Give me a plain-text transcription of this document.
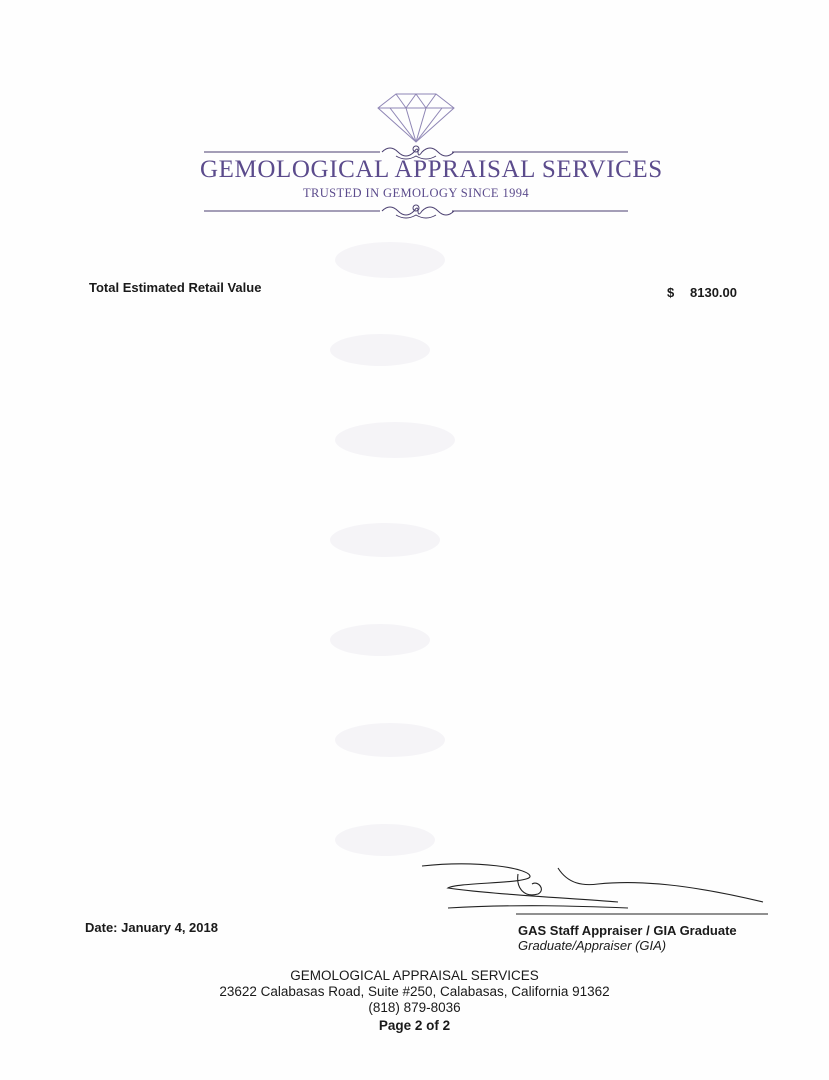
GEMOLOGICAL APPRAISAL SERVICES
TRUSTED IN GEMOLOGY SINCE 1994
Total Estimated Retail Value	$ 8130.00
Date: January 4, 2018	GAS Staff Appraiser / GIA Graduate
Graduate/Appraiser (GIA)
GEMOLOGICAL APPRAISAL SERVICES
23622 Calabasas Road, Suite #250, Calabasas, California 91362
(818) 879-8036
Page 2 of 2
